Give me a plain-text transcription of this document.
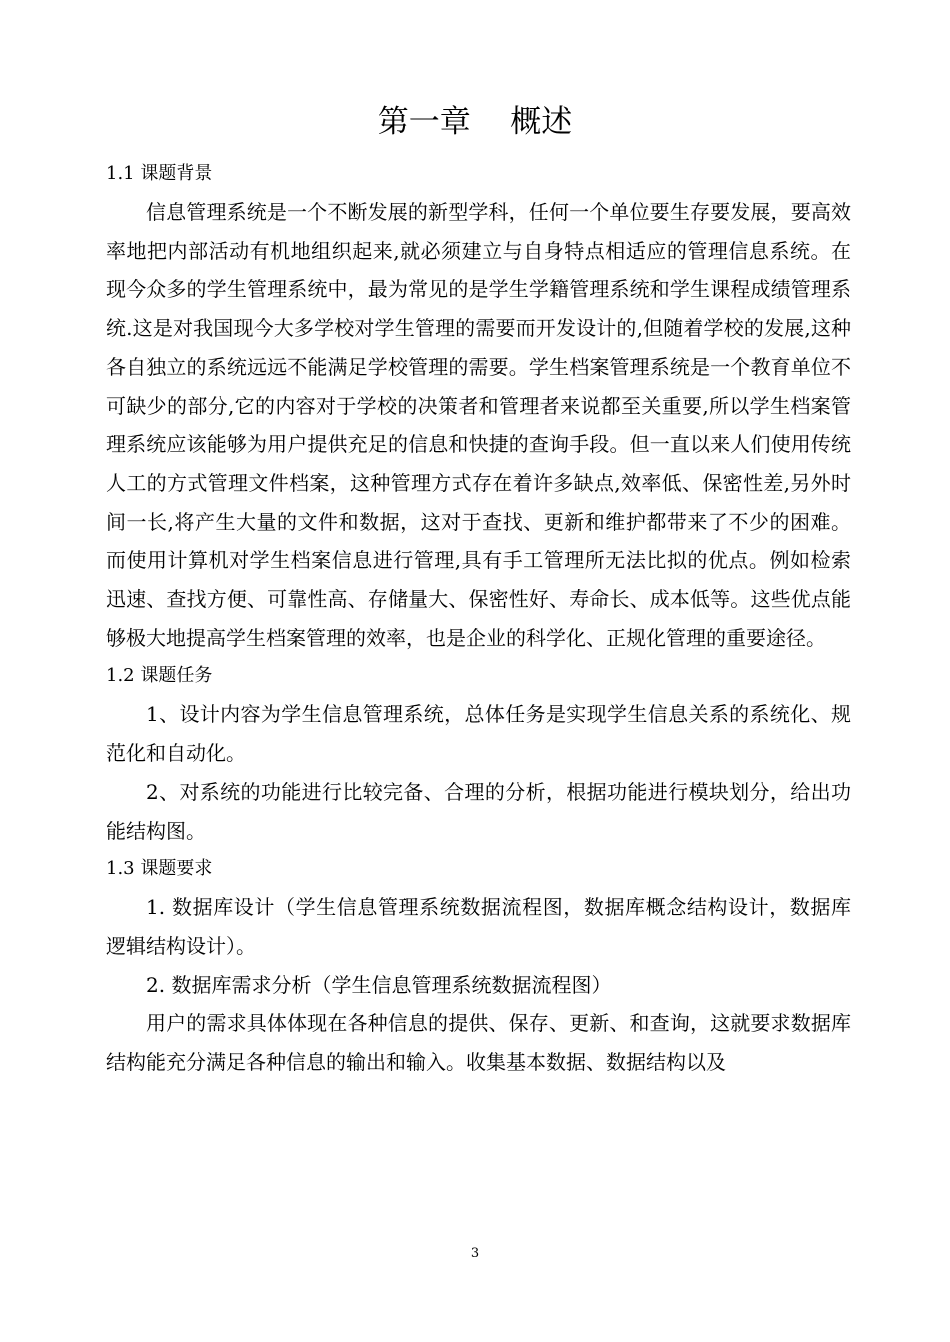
第一章    概述
1.1 课题背景

信息管理系统是一个不断发展的新型学科，任何一个单位要生存要发展，要高效率地把内部活动有机地组织起来,就必须建立与自身特点相适应的管理信息系统。在现今众多的学生管理系统中，最为常见的是学生学籍管理系统和学生课程成绩管理系统.这是对我国现今大多学校对学生管理的需要而开发设计的,但随着学校的发展,这种各自独立的系统远远不能满足学校管理的需要。学生档案管理系统是一个教育单位不可缺少的部分,它的内容对于学校的决策者和管理者来说都至关重要,所以学生档案管理系统应该能够为用户提供充足的信息和快捷的查询手段。但一直以来人们使用传统人工的方式管理文件档案，这种管理方式存在着许多缺点,效率低、保密性差,另外时间一长,将产生大量的文件和数据，这对于查找、更新和维护都带来了不少的困难。而使用计算机对学生档案信息进行管理,具有手工管理所无法比拟的优点。例如检索迅速、查找方便、可靠性高、存储量大、保密性好、寿命长、成本低等。这些优点能够极大地提高学生档案管理的效率，也是企业的科学化、正规化管理的重要途径。

1.2 课题任务

1、设计内容为学生信息管理系统，总体任务是实现学生信息关系的系统化、规范化和自动化。

2、对系统的功能进行比较完备、合理的分析，根据功能进行模块划分，给出功能结构图。

1.3 课题要求

1. 数据库设计（学生信息管理系统数据流程图，数据库概念结构设计，数据库逻辑结构设计）。

2. 数据库需求分析（学生信息管理系统数据流程图）

用户的需求具体体现在各种信息的提供、保存、更新、和查询，这就要求数据库结构能充分满足各种信息的输出和输入。收集基本数据、数据结构以及

3
